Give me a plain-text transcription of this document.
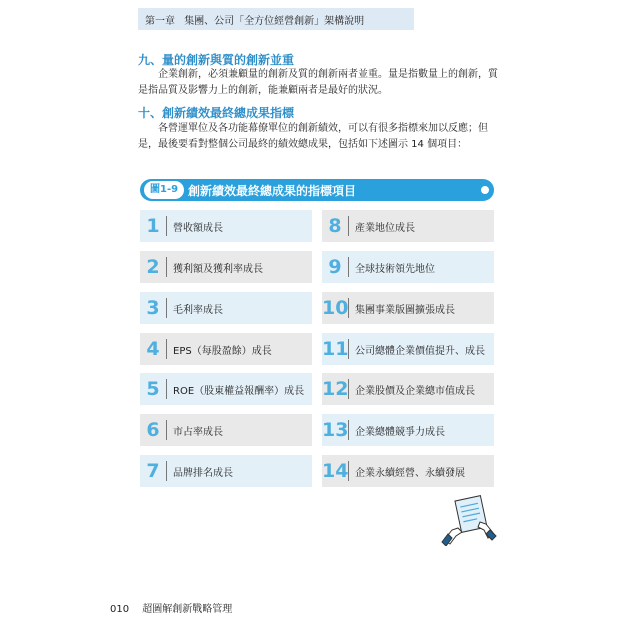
第一章 集團、公司「全方位經營創新」架構說明
九、量的創新與質的創新並重
企業創新，必須兼顧量的創新及質的創新兩者並重。量是指數量上的創新，質是指品質及影響力上的創新，能兼顧兩者是最好的狀況。
十、創新績效最終總成果指標
各營運單位及各功能幕僚單位的創新績效，可以有很多指標來加以反應；但是，最後要看對整個公司最終的績效總成果，包括如下述圖示 14 個項目：
圖1-9 創新績效最終總成果的指標項目
1	營收額成長
2	獲利額及獲利率成長
3	毛利率成長
4	EPS（每股盈餘）成長
5	ROE（股東權益報酬率）成長
6	市占率成長
7	品牌排名成長
8	產業地位成長
9	全球技術領先地位
10 集團事業版圖擴張成長
11 公司總體企業價值提升、成長
12 企業股價及企業總市值成長
13 企業總體競爭力成長
14 企業永續經營、永續發展
010 超圖解創新戰略管理
